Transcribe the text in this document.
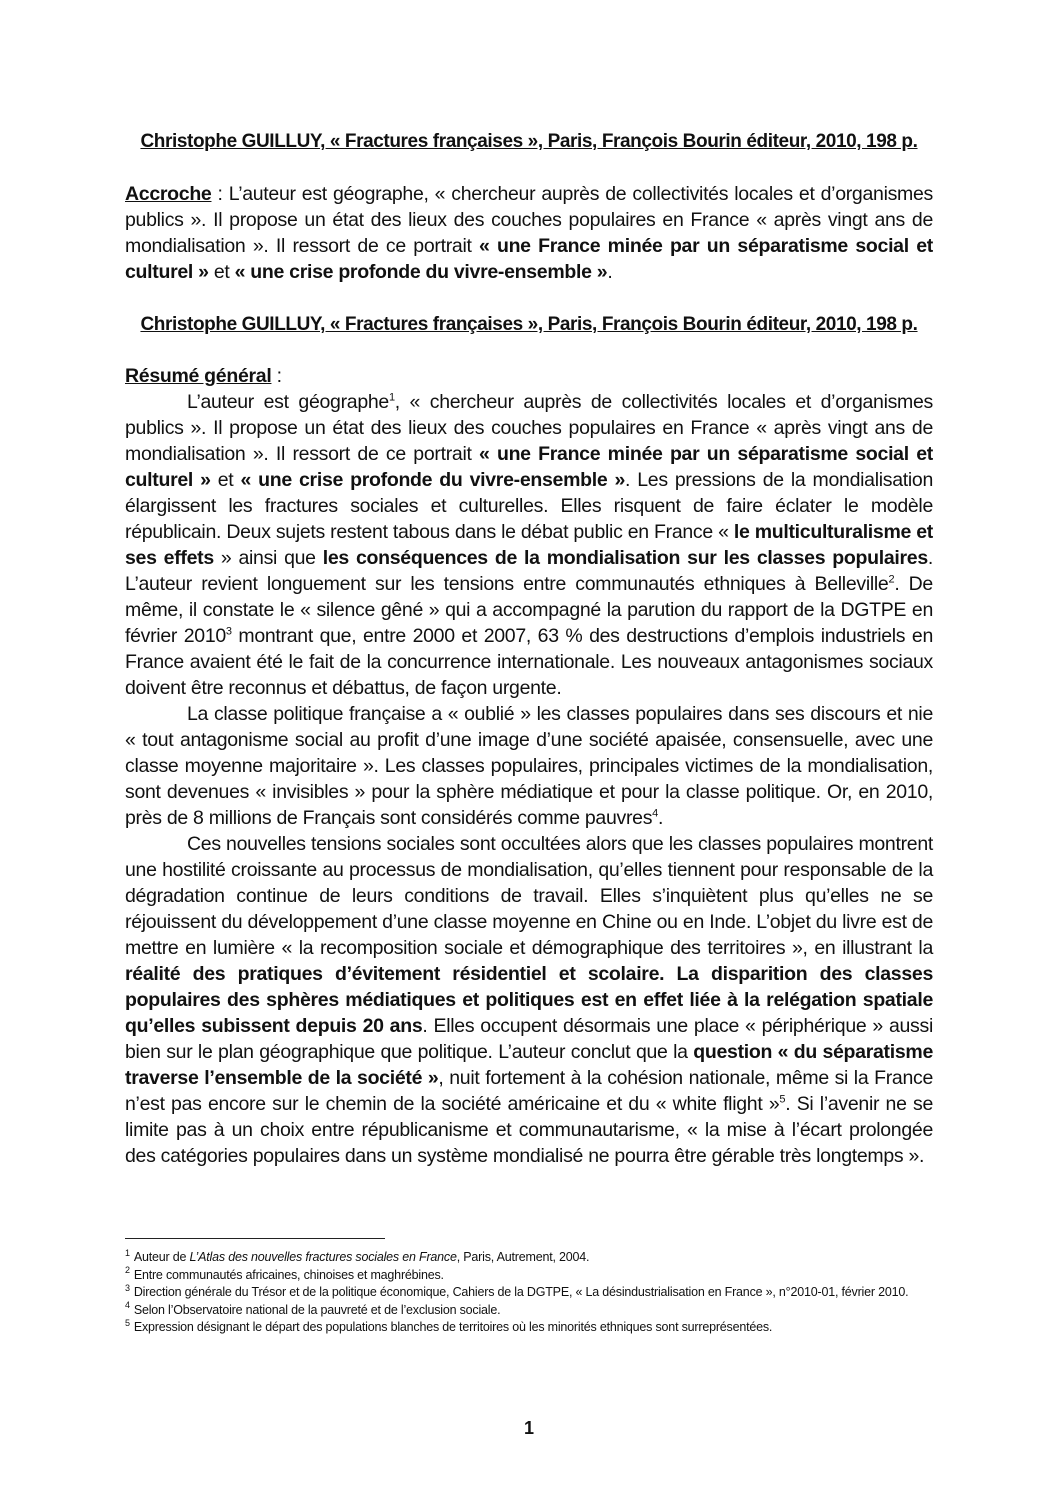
Christophe GUILLUY, « Fractures françaises », Paris, François Bourin éditeur, 2010, 198 p.

Accroche : L’auteur est géographe, « chercheur auprès de collectivités locales et d’organismes publics ». Il propose un état des lieux des couches populaires en France « après vingt ans de mondialisation ». Il ressort de ce portrait « une France minée par un séparatisme social et culturel » et « une crise profonde du vivre-ensemble ».

Christophe GUILLUY, « Fractures françaises », Paris, François Bourin éditeur, 2010, 198 p.

Résumé général :

L’auteur est géographe$^1$, « chercheur auprès de collectivités locales et d’organismes publics ». Il propose un état des lieux des couches populaires en France « après vingt ans de mondialisation ». Il ressort de ce portrait « une France minée par un séparatisme social et culturel » et « une crise profonde du vivre-ensemble ». Les pressions de la mondialisation élargissent les fractures sociales et culturelles. Elles risquent de faire éclater le modèle républicain. Deux sujets restent tabous dans le débat public en France « le multiculturalisme et ses effets » ainsi que les conséquences de la mondialisation sur les classes populaires. L’auteur revient longuement sur les tensions entre communautés ethniques à Belleville$^2$. De même, il constate le « silence gêné » qui a accompagné la parution du rapport de la DGTPE en février 2010$^3$ montrant que, entre 2000 et 2007, 63 % des destructions d’emplois industriels en France avaient été le fait de la concurrence internationale. Les nouveaux antagonismes sociaux doivent être reconnus et débattus, de façon urgente.

La classe politique française a « oublié » les classes populaires dans ses discours et nie « tout antagonisme social au profit d’une image d’une société apaisée, consensuelle, avec une classe moyenne majoritaire ». Les classes populaires, principales victimes de la mondialisation, sont devenues « invisibles » pour la sphère médiatique et pour la classe politique. Or, en 2010, près de 8 millions de Français sont considérés comme pauvres$^4$.

Ces nouvelles tensions sociales sont occultées alors que les classes populaires montrent une hostilité croissante au processus de mondialisation, qu’elles tiennent pour responsable de la dégradation continue de leurs conditions de travail. Elles s’inquiètent plus qu’elles ne se réjouissent du développement d’une classe moyenne en Chine ou en Inde. L’objet du livre est de mettre en lumière « la recomposition sociale et démographique des territoires », en illustrant la réalité des pratiques d’évitement résidentiel et scolaire. La disparition des classes populaires des sphères médiatiques et politiques est en effet liée à la relégation spatiale qu’elles subissent depuis 20 ans. Elles occupent désormais une place « périphérique » aussi bien sur le plan géographique que politique. L’auteur conclut que la question « du séparatisme traverse l’ensemble de la société », nuit fortement à la cohésion nationale, même si la France n’est pas encore sur le chemin de la société américaine et du « white flight »$^5$. Si l’avenir ne se limite pas à un choix entre républicanisme et communautarisme, « la mise à l’écart prolongée des catégories populaires dans un système mondialisé ne pourra être gérable très longtemps ».

$^1$ Auteur de L’Atlas des nouvelles fractures sociales en France, Paris, Autrement, 2004.

$^2$ Entre communautés africaines, chinoises et maghrébines.

$^3$ Direction générale du Trésor et de la politique économique, Cahiers de la DGTPE, « La désindustrialisation en France », n°2010-01, février 2010.

$^4$ Selon l’Observatoire national de la pauvreté et de l’exclusion sociale.

$^5$ Expression désignant le départ des populations blanches de territoires où les minorités ethniques sont surreprésentées.

1
